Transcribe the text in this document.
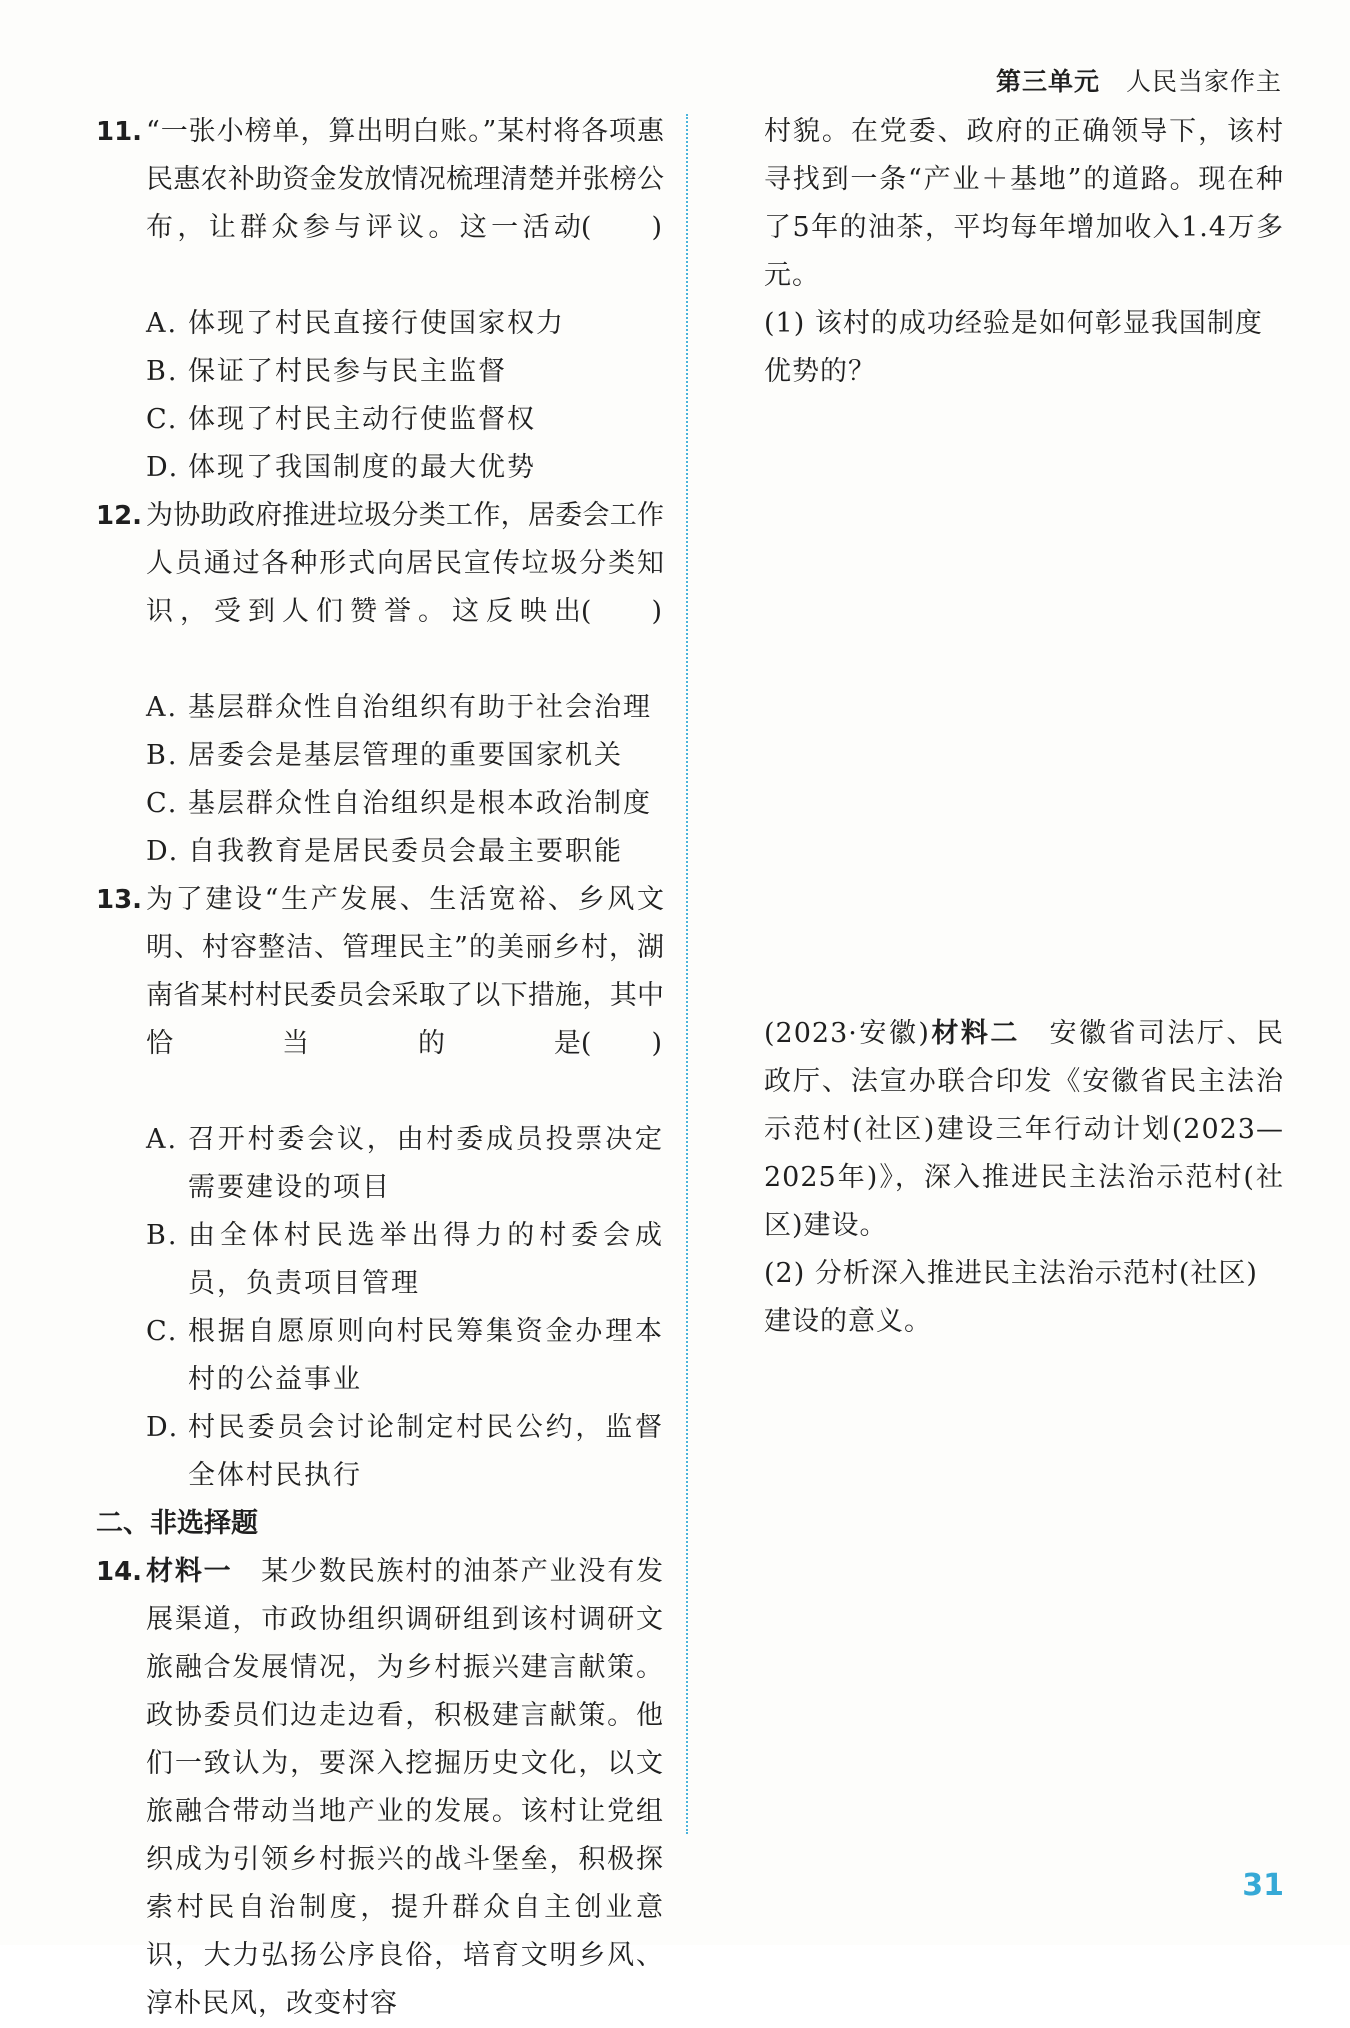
第三单元 人民当家作主
11. “一张小榜单，算出明白账。”某村将各项惠民惠农补助资金发放情况梳理清楚并张榜公布，让群众参与评议。这一活动 (　　)
A. 体现了村民直接行使国家权力
B. 保证了村民参与民主监督
C. 体现了村民主动行使监督权
D. 体现了我国制度的最大优势
12. 为协助政府推进垃圾分类工作，居委会工作人员通过各种形式向居民宣传垃圾分类知识，受到人们赞誉。这反映出 (　　)
A. 基层群众性自治组织有助于社会治理
B. 居委会是基层管理的重要国家机关
C. 基层群众性自治组织是根本政治制度
D. 自我教育是居民委员会最主要职能
13. 为了建设“生产发展、生活宽裕、乡风文明、村容整洁、管理民主”的美丽乡村，湖南省某村村民委员会采取了以下措施，其中恰当的是 (　　)
A. 召开村委会议，由村委成员投票决定需要建设的项目
B. 由全体村民选举出得力的村委会成员，负责项目管理
C. 根据自愿原则向村民筹集资金办理本村的公益事业
D. 村民委员会讨论制定村民公约，监督全体村民执行
二、非选择题
14. 材料一  某少数民族村的油茶产业没有发展渠道，市政协组织调研组到该村调研文旅融合发展情况，为乡村振兴建言献策。政协委员们边走边看，积极建言献策。他们一致认为，要深入挖掘历史文化，以文旅融合带动当地产业的发展。该村让党组织成为引领乡村振兴的战斗堡垒，积极探索村民自治制度，提升群众自主创业意识，大力弘扬公序良俗，培育文明乡风、淳朴民风，改变村容
村貌。在党委、政府的正确领导下，该村寻找到一条“产业＋基地”的道路。现在种了5年的油茶，平均每年增加收入1.4万多元。
(1) 该村的成功经验是如何彰显我国制度优势的？
(2023·安徽)材料二  安徽省司法厅、民政厅、法宣办联合印发《安徽省民主法治示范村(社区)建设三年行动计划(2023—2025年)》，深入推进民主法治示范村(社区)建设。
(2) 分析深入推进民主法治示范村(社区)建设的意义。
31
